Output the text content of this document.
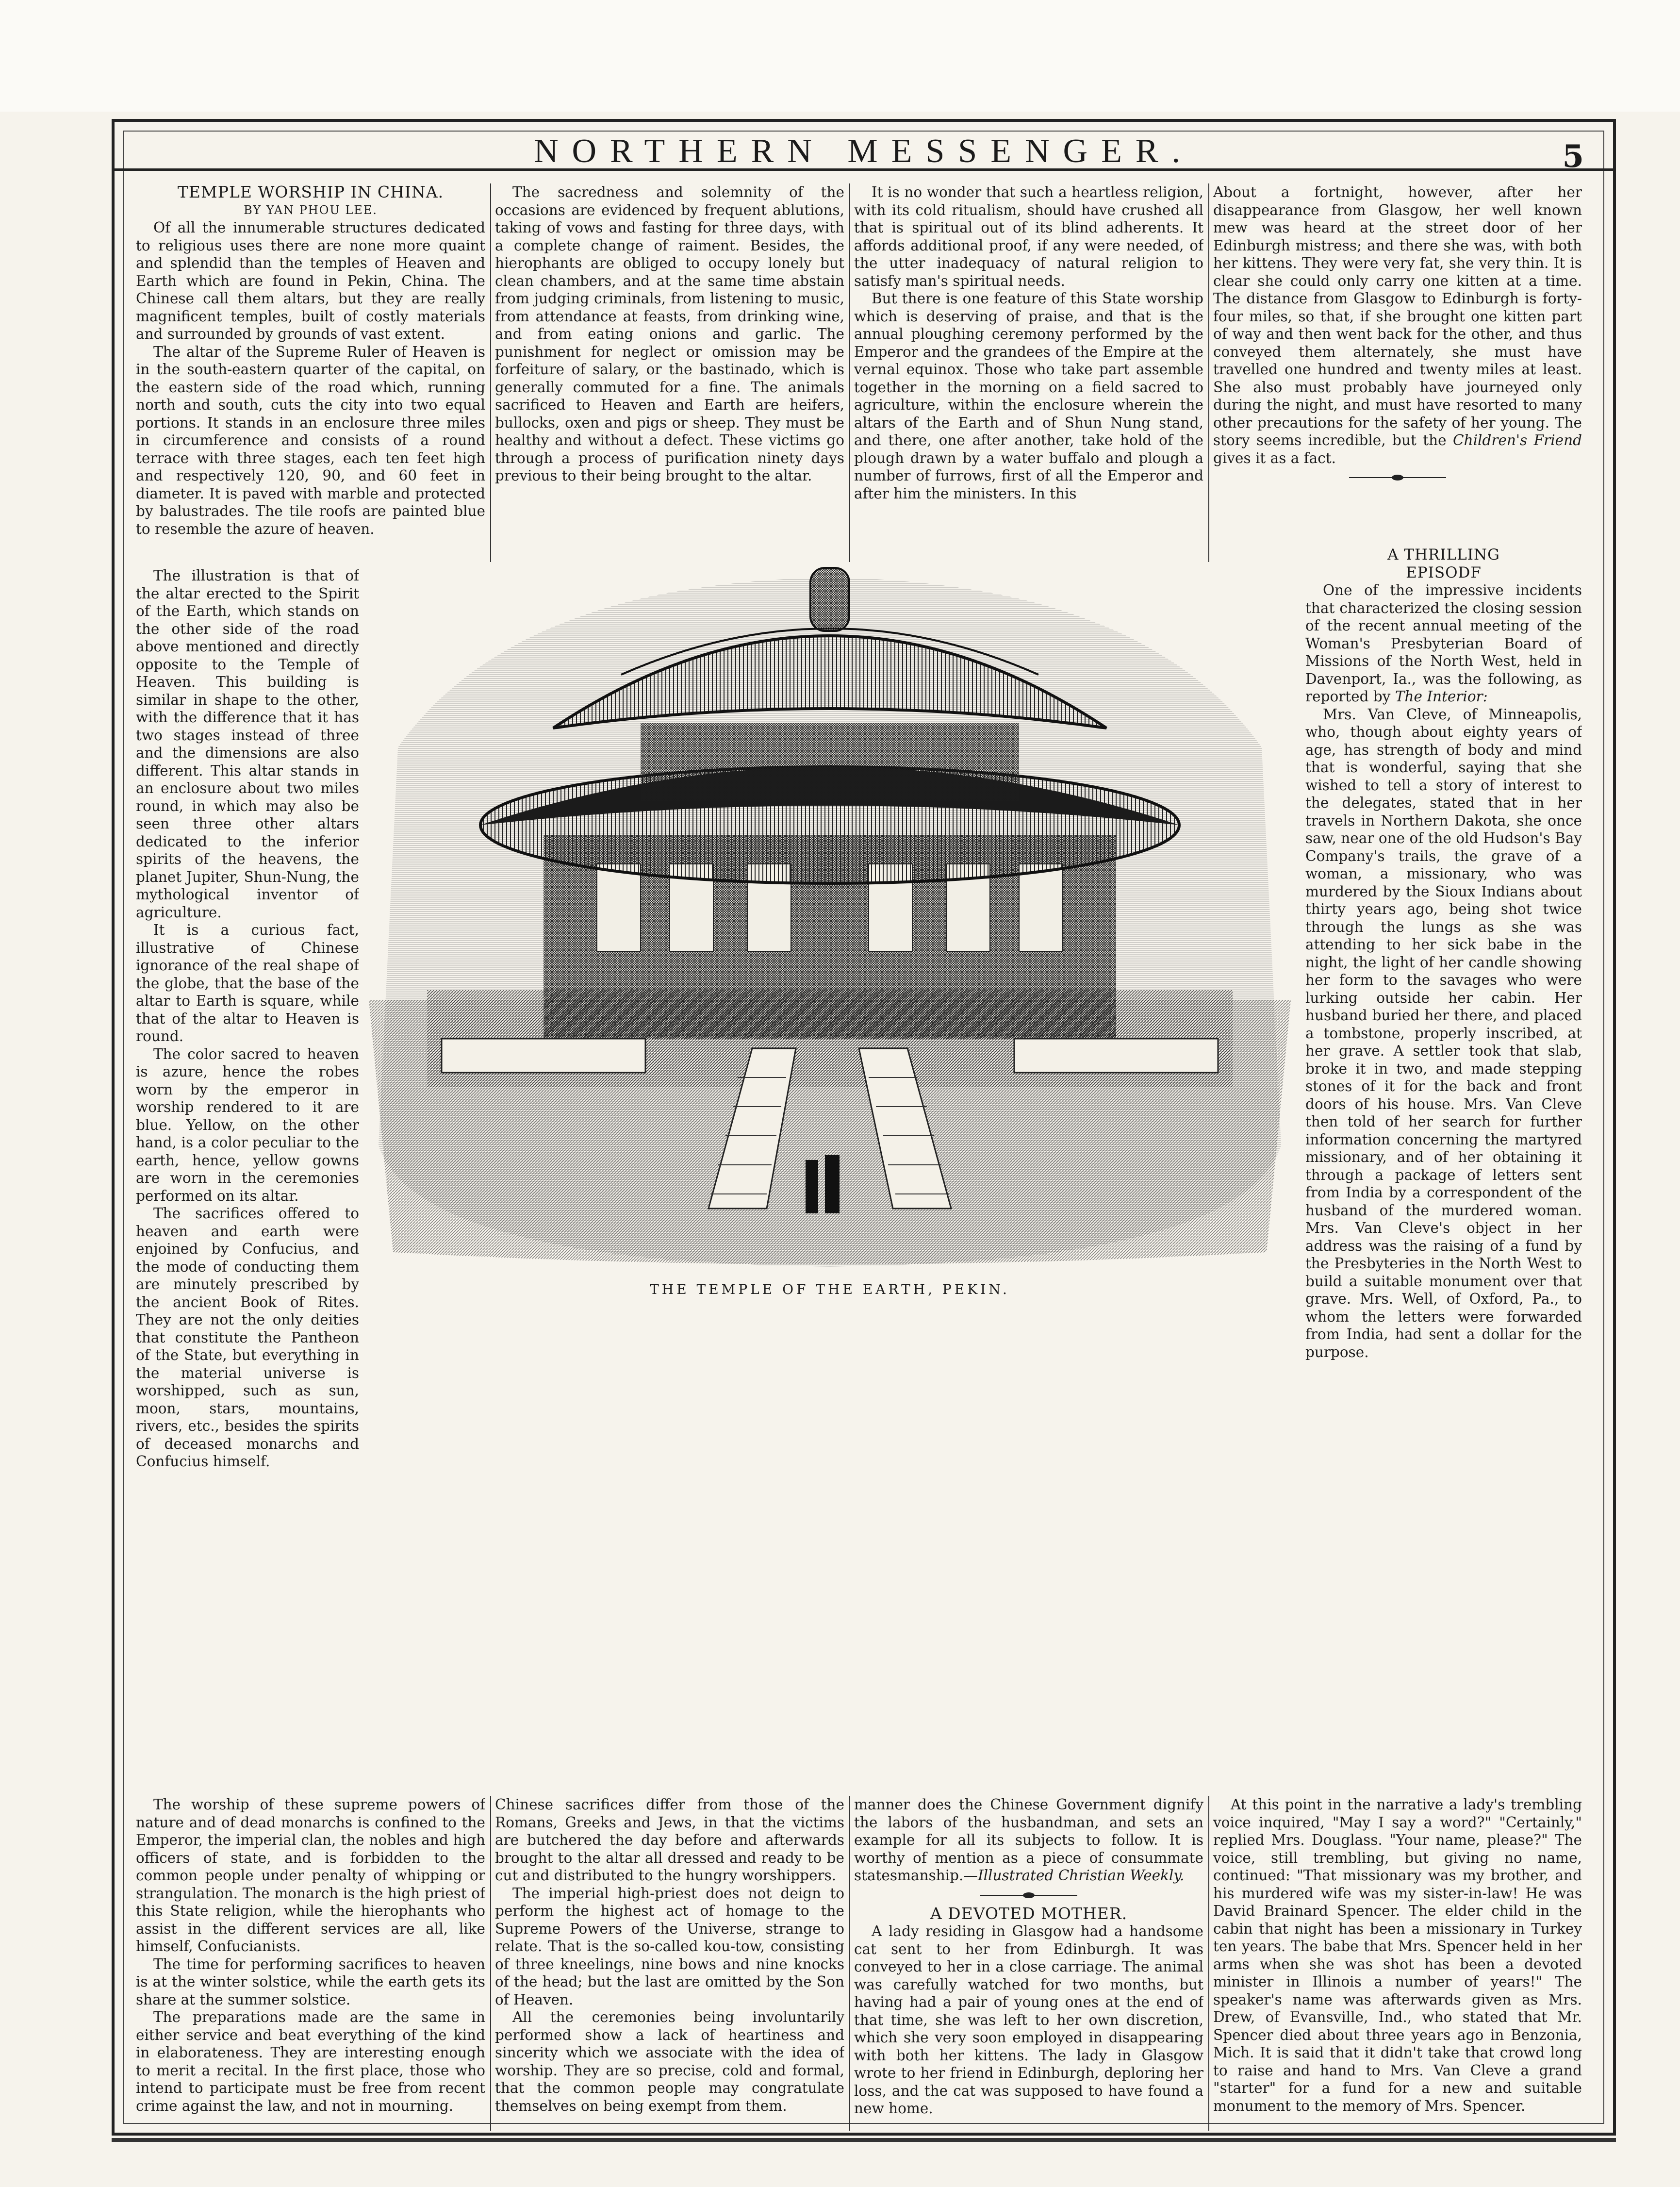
NORTHERN MESSENGER.	5

TEMPLE WORSHIP IN CHINA.

BY YAN PHOU LEE.

Of all the innumerable structures dedicated to religious uses there are none more quaint and splendid than the temples of Heaven and Earth which are found in Pekin, China. The Chinese call them altars, but they are really magnificent temples, built of costly materials and surrounded by grounds of vast extent.

The altar of the Supreme Ruler of Heaven is in the south-eastern quarter of the capital, on the eastern side of the road which, running north and south, cuts the city into two equal portions. It stands in an enclosure three miles in circumference and consists of a round terrace with three stages, each ten feet high and respectively 120, 90, and 60 feet in diameter. It is paved with marble and protected by balustrades. The tile roofs are painted blue to resemble the azure of heaven.

The illustration is that of the altar erected to the Spirit of the Earth, which stands on the other side of the road above mentioned and directly opposite to the Temple of Heaven. This building is similar in shape to the other, with the difference that it has two stages instead of three and the dimensions are also different. This altar stands in an enclosure about two miles round, in which may also be seen three other altars dedicated to the inferior spirits of the heavens, the planet Jupiter, Shun-Nung, the mythological inventor of agriculture.

It is a curious fact, illustrative of Chinese ignorance of the real shape of the globe, that the base of the altar to Earth is square, while that of the altar to Heaven is round.

The color sacred to heaven is azure, hence the robes worn by the emperor in worship rendered to it are blue. Yellow, on the other hand, is a color peculiar to the earth, hence, yellow gowns are worn in the ceremonies performed on its altar.

The sacrifices offered to heaven and earth were enjoined by Confucius, and the mode of conducting them are minutely prescribed by the ancient Book of Rites. They are not the only deities that constitute the Pantheon of the State, but everything in the material universe is worshipped, such as sun, moon, stars, mountains, rivers, etc., besides the spirits of deceased monarchs and Confucius himself.

The worship of these supreme powers of nature and of dead monarchs is confined to the Emperor, the imperial clan, the nobles and high officers of state, and is forbidden to the common people under penalty of whipping or strangulation. The monarch is the high priest of this State religion, while the hierophants who assist in the different services are all, like himself, Confucianists.

The time for performing sacrifices to heaven is at the winter solstice, while the earth gets its share at the summer solstice.

The preparations made are the same in either service and beat everything of the kind in elaborateness. They are interesting enough to merit a recital. In the first place, those who intend to participate must be free from recent crime against the law, and not in mourning.

The sacredness and solemnity of the occasions are evidenced by frequent ablutions, taking of vows and fasting for three days, with a complete change of raiment. Besides, the hierophants are obliged to occupy lonely but clean chambers, and at the same time abstain from judging criminals, from listening to music, from attendance at feasts, from drinking wine, and from eating onions and garlic. The punishment for neglect or omission may be forfeiture of salary, or the bastinado, which is generally commuted for a fine. The animals sacrificed to Heaven and Earth are heifers, bullocks, oxen and pigs or sheep. They must be healthy and without a defect. These victims go through a process of purification ninety days previous to their being brought to the altar.

It is no wonder that such a heartless religion, with its cold ritualism, should have crushed all that is spiritual out of its blind adherents. It affords additional proof, if any were needed, of the utter inadequacy of natural religion to satisfy man's spiritual needs.

But there is one feature of this State worship which is deserving of praise, and that is the annual ploughing ceremony performed by the Emperor and the grandees of the Empire at the vernal equinox. Those who take part assemble together in the morning on a field sacred to agriculture, within the enclosure wherein the altars of the Earth and of Shun Nung stand, and there, one after another, take hold of the plough drawn by a water buffalo and plough a number of furrows, first of all the Emperor and after him the ministers. In this

About a fortnight, however, after her disappearance from Glasgow, her well known mew was heard at the street door of her Edinburgh mistress; and there she was, with both her kittens. They were very fat, she very thin. It is clear she could only carry one kitten at a time. The distance from Glasgow to Edinburgh is forty-four miles, so that, if she brought one kitten part of way and then went back for the other, and thus conveyed them alternately, she must have travelled one hundred and twenty miles at least. She also must probably have journeyed only during the night, and must have resorted to many other precautions for the safety of her young. The story seems incredible, but the Children's Friend gives it as a fact.

A THRILLING

EPISODF

One of the impressive incidents that characterized the closing session of the recent annual meeting of the Woman's Presbyterian Board of Missions of the North West, held in Davenport, Ia., was the following, as reported by The Interior:

Mrs. Van Cleve, of Minneapolis, who, though about eighty years of age, has strength of body and mind that is wonderful, saying that she wished to tell a story of interest to the delegates, stated that in her travels in Northern Dakota, she once saw, near one of the old Hudson's Bay Company's trails, the grave of a woman, a missionary, who was murdered by the Sioux Indians about thirty years ago, being shot twice through the lungs as she was attending to her sick babe in the night, the light of her candle showing her form to the savages who were lurking outside her cabin. Her husband buried her there, and placed a tombstone, properly inscribed, at her grave. A settler took that slab, broke it in two, and made stepping stones of it for the back and front doors of his house. Mrs. Van Cleve then told of her search for further information concerning the martyred missionary, and of her obtaining it through a package of letters sent from India by a correspondent of the husband of the murdered woman. Mrs. Van Cleve's object in her address was the raising of a fund by the Presbyteries in the North West to build a suitable monument over that grave. Mrs. Well, of Oxford, Pa., to whom the letters were forwarded from India, had sent a dollar for the purpose.

THE TEMPLE OF THE EARTH, PEKIN.

Chinese sacrifices differ from those of the Romans, Greeks and Jews, in that the victims are butchered the day before and afterwards brought to the altar all dressed and ready to be cut and distributed to the hungry worshippers.

The imperial high-priest does not deign to perform the highest act of homage to the Supreme Powers of the Universe, strange to relate. That is the so-called kou-tow, consisting of three kneelings, nine bows and nine knocks of the head; but the last are omitted by the Son of Heaven.

All the ceremonies being involuntarily performed show a lack of heartiness and sincerity which we associate with the idea of worship. They are so precise, cold and formal, that the common people may congratulate themselves on being exempt from them.

manner does the Chinese Government dignify the labors of the husbandman, and sets an example for all its subjects to follow. It is worthy of mention as a piece of consummate statesmanship.—Illustrated Christian Weekly.

A DEVOTED MOTHER.

A lady residing in Glasgow had a handsome cat sent to her from Edinburgh. It was conveyed to her in a close carriage. The animal was carefully watched for two months, but having had a pair of young ones at the end of that time, she was left to her own discretion, which she very soon employed in disappearing with both her kittens. The lady in Glasgow wrote to her friend in Edinburgh, deploring her loss, and the cat was supposed to have found a new home.

At this point in the narrative a lady's trembling voice inquired, "May I say a word?" "Certainly," replied Mrs. Douglass. "Your name, please?" The voice, still trembling, but giving no name, continued: "That missionary was my brother, and his murdered wife was my sister-in-law! He was David Brainard Spencer. The elder child in the cabin that night has been a missionary in Turkey ten years. The babe that Mrs. Spencer held in her arms when she was shot has been a devoted minister in Illinois a number of years!" The speaker's name was afterwards given as Mrs. Drew, of Evansville, Ind., who stated that Mr. Spencer died about three years ago in Benzonia, Mich. It is said that it didn't take that crowd long to raise and hand to Mrs. Van Cleve a grand "starter" for a fund for a new and suitable monument to the memory of Mrs. Spencer.
